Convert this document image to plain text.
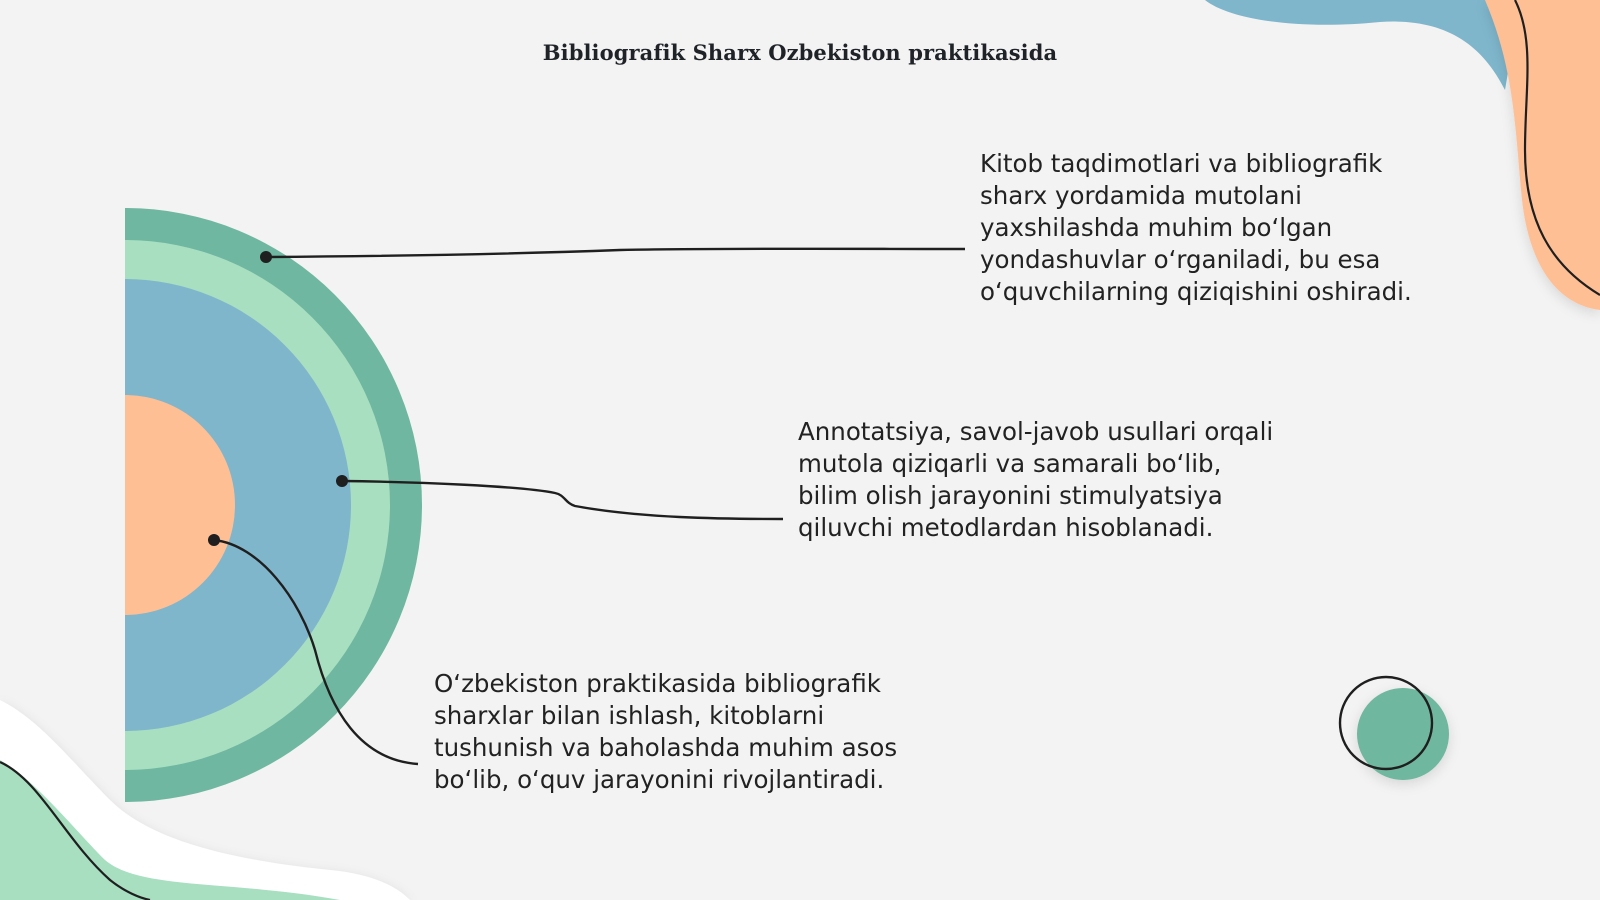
Bibliografik Sharx Ozbekiston praktikasida
Kitob taqdimotlari va bibliografik
sharx yordamida mutolani
yaxshilashda muhim bo‘lgan
yondashuvlar o‘rganiladi, bu esa
o‘quvchilarning qiziqishini oshiradi.
Annotatsiya, savol-javob usullari orqali
mutola qiziqarli va samarali bo‘lib,
bilim olish jarayonini stimulyatsiya
qiluvchi metodlardan hisoblanadi.
O‘zbekiston praktikasida bibliografik
sharxlar bilan ishlash, kitoblarni
tushunish va baholashda muhim asos
bo‘lib, o‘quv jarayonini rivojlantiradi.
